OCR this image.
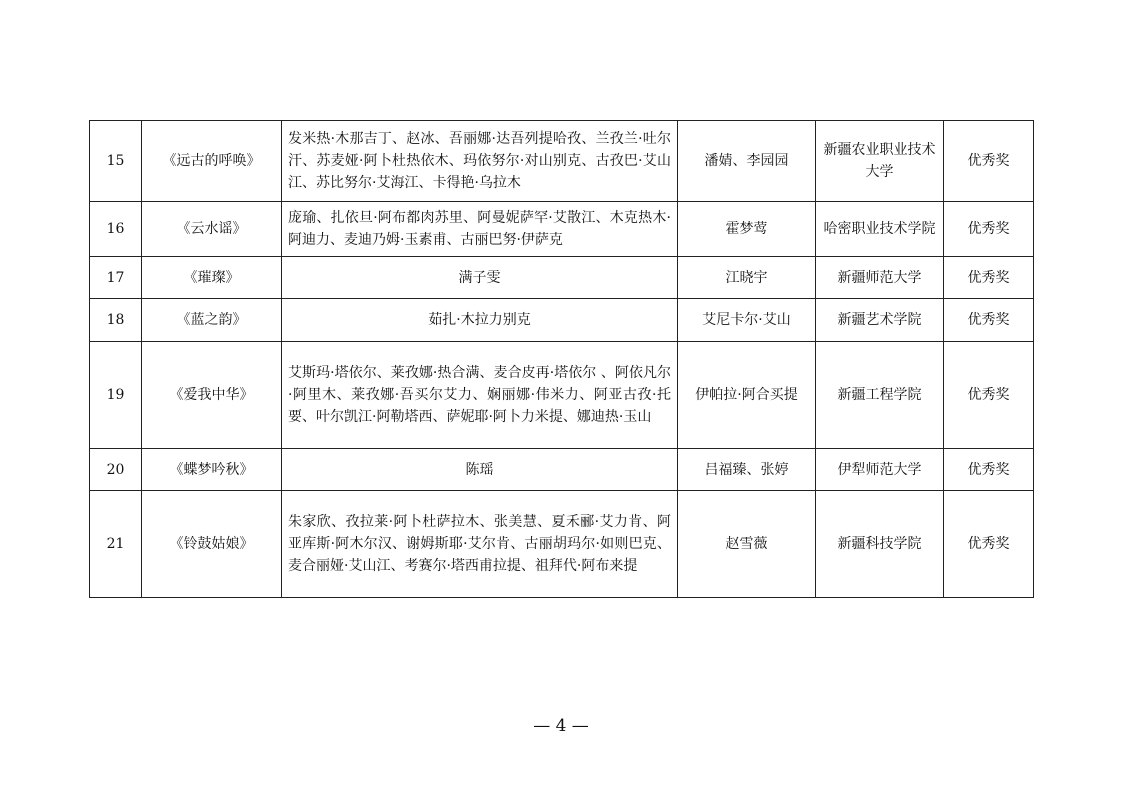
15	《远古的呼唤》	发米热·木那吉丁、赵冰、吾丽娜·达吾列提哈孜、兰孜兰·吐尔汗、苏麦娅·阿卜杜热依木、玛依努尔·对山别克、古孜巴·艾山江、苏比努尔·艾海江、卡得艳·乌拉木	潘婧、李园园	新疆农业职业技术大学	优秀奖
16	《云水谣》	庞瑜、扎依旦·阿布都肉苏里、阿曼妮萨罕·艾散江、木克热木·阿迪力、麦迪乃姆·玉素甫、古丽巴努·伊萨克	霍梦莺	哈密职业技术学院	优秀奖
17	《璀璨》	满子雯	江晓宇	新疆师范大学	优秀奖
18	《蓝之韵》	茹扎·木拉力别克	艾尼卡尔·艾山	新疆艺术学院	优秀奖
19	《爱我中华》	艾斯玛·塔依尔、莱孜娜·热合满、麦合皮再·塔依尔 、阿依凡尔·阿里木、莱孜娜·吾买尔艾力、娴丽娜·伟米力、阿亚古孜·托要、叶尔凯江·阿勒塔西、萨妮耶·阿卜力米提、娜迪热·玉山	伊帕拉·阿合买提	新疆工程学院	优秀奖
20	《蝶梦吟秋》	陈瑶	吕福臻、张婷	伊犁师范大学	优秀奖
21	《铃鼓姑娘》	朱家欣、孜拉莱·阿卜杜萨拉木、张美慧、夏禾郦·艾力肯、阿亚库斯·阿木尔汉、谢姆斯耶·艾尔肯、古丽胡玛尔·如则巴克、麦合丽娅·艾山江、考赛尔·塔西甫拉提、祖拜代·阿布来提	赵雪薇	新疆科技学院	优秀奖
— 4 —
